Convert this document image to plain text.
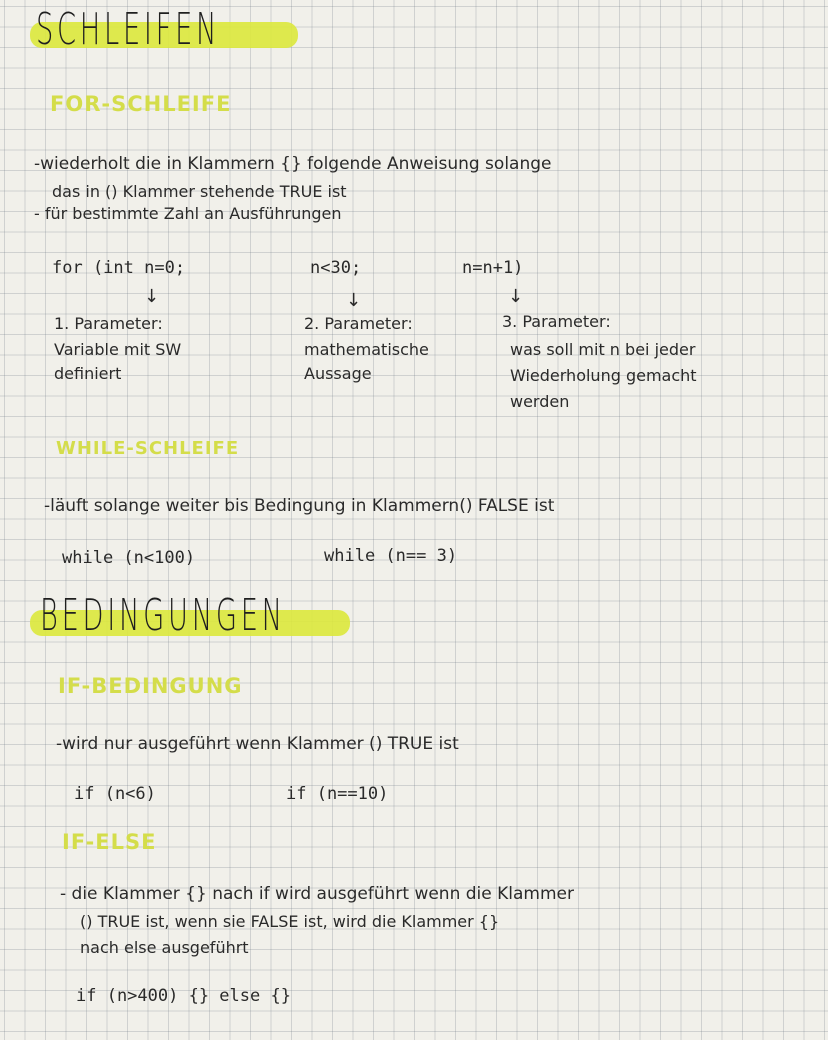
SCHLEIFEN
FOR-SCHLEIFE
-wiederholt die in Klammern {} folgende Anweisung solange
das in () Klammer stehende TRUE ist
- für bestimmte Zahl an Ausführungen
for (int n=0;	n<30;	n=n+1)
↓	↓	↓
1. Parameter:
Variable mit SW
definiert
2. Parameter:
mathematische
Aussage
3. Parameter:
was soll mit n bei jeder
Wiederholung gemacht
werden
WHILE-SCHLEIFE
-läuft solange weiter bis Bedingung in Klammern() FALSE ist
while (n<100)	while (n== 3)
BEDINGUNGEN
IF-BEDINGUNG
-wird nur ausgeführt wenn Klammer () TRUE ist
if (n<6)	if (n==10)
IF-ELSE
- die Klammer {} nach if wird ausgeführt wenn die Klammer
() TRUE ist, wenn sie FALSE ist, wird die Klammer {}
nach else ausgeführt
if (n>400) {} else {}
